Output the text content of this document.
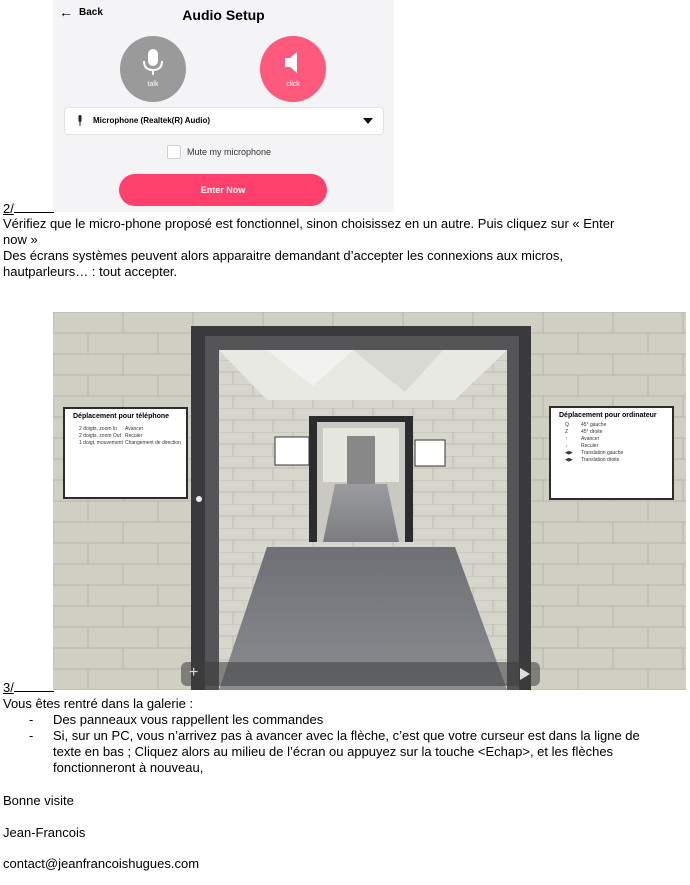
← Back	Audio Setup
talk	click
Microphone (Realtek(R) Audio)
Mute my microphone
Enter Now
2/
Vérifiez que le micro-phone proposé est fonctionnel, sinon choisissez en un autre. Puis cliquez sur « Enter
now »
Des écrans systèmes peuvent alors apparaitre demandant d’accepter les connexions aux micros,
hautparleurs… : tout accepter.
Déplacement pour téléphone
2 doigts, zoom In Avancer
2 doigts, zoom Out Reculer
1 doigt, mouvement Changement de direction
Déplacement pour ordinateur
Q 45° gauche
Z	45° droite
↑	Avancer
↓	Reculer
◀▶ Translation gauche
◀▶ Translation droite
+
3/
Vous êtes rentré dans la galerie :
- Des panneaux vous rappellent les commandes
- Si, sur un PC, vous n’arrivez pas à avancer avec la flèche, c’est que votre curseur est dans la ligne de
texte en bas ; Cliquez alors au milieu de l’écran ou appuyez sur la touche <Echap>, et les flèches
fonctionneront à nouveau,
Bonne visite
Jean-Francois
contact@jeanfrancoishugues.com
